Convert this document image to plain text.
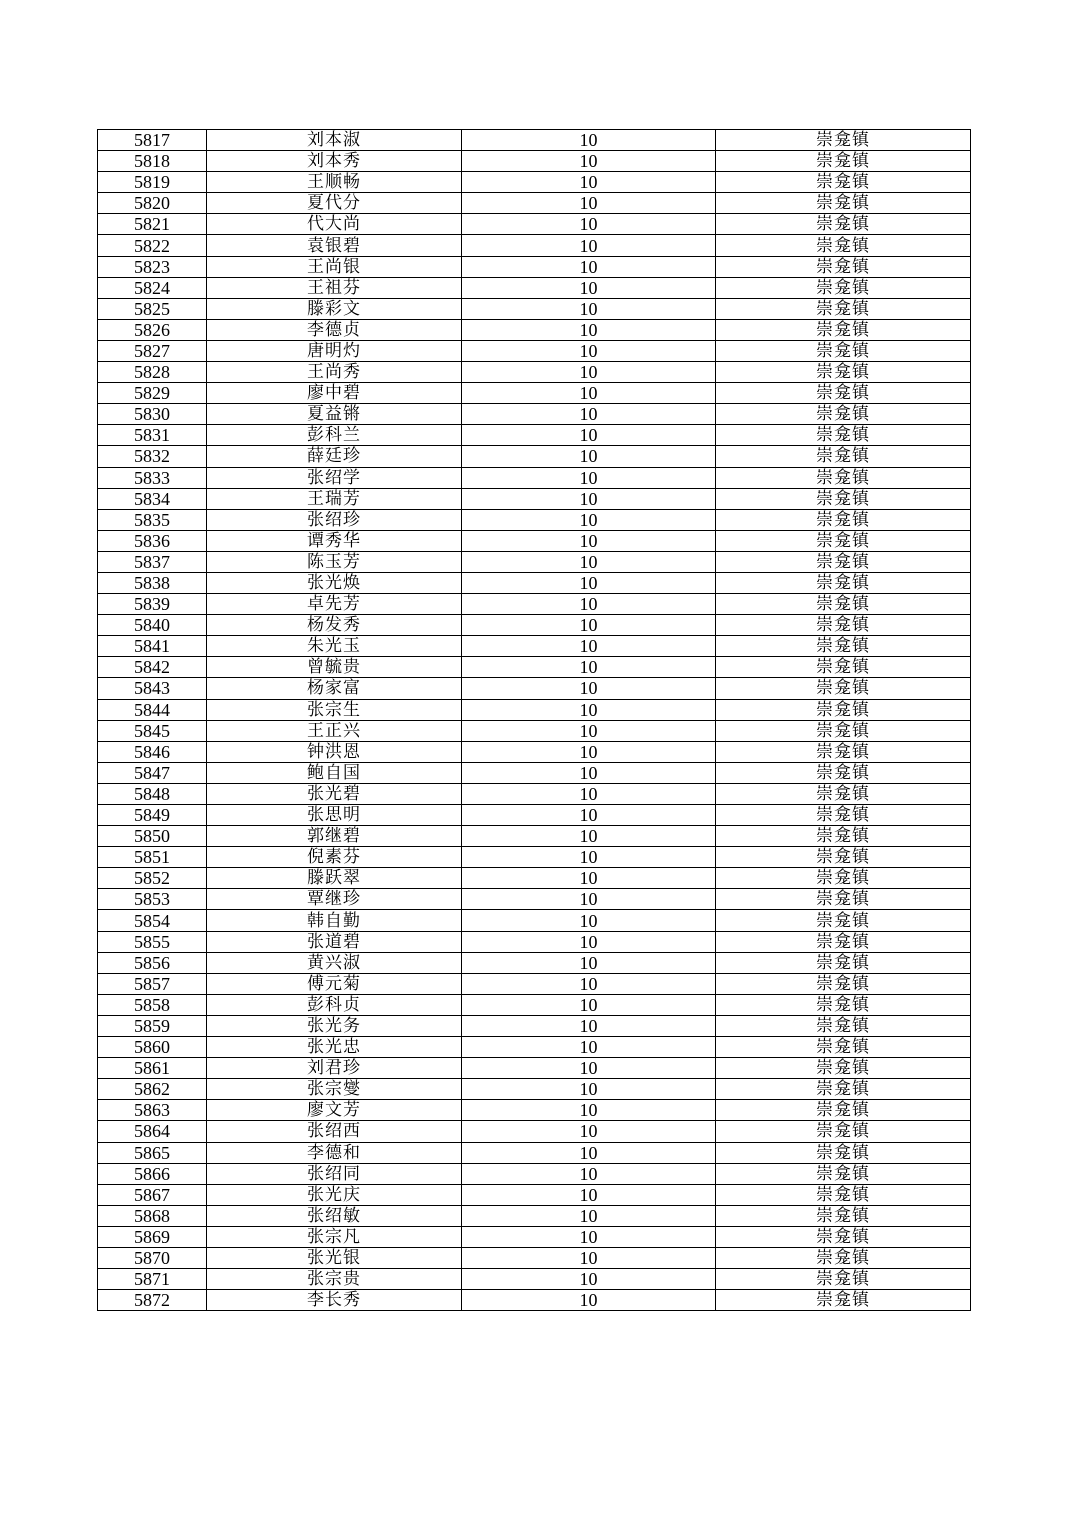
5817	刘本淑	10	崇龛镇
5818	刘本秀	10	崇龛镇
5819	王顺畅	10	崇龛镇
5820	夏代分	10	崇龛镇
5821	代大尚	10	崇龛镇
5822	袁银碧	10	崇龛镇
5823	王尚银	10	崇龛镇
5824	王祖芬	10	崇龛镇
5825	滕彩文	10	崇龛镇
5826	李德贞	10	崇龛镇
5827	唐明灼	10	崇龛镇
5828	王尚秀	10	崇龛镇
5829	廖中碧	10	崇龛镇
5830	夏益锵	10	崇龛镇
5831	彭科兰	10	崇龛镇
5832	薛廷珍	10	崇龛镇
5833	张绍学	10	崇龛镇
5834	王瑞芳	10	崇龛镇
5835	张绍珍	10	崇龛镇
5836	谭秀华	10	崇龛镇
5837	陈玉芳	10	崇龛镇
5838	张光焕	10	崇龛镇
5839	卓先芳	10	崇龛镇
5840	杨发秀	10	崇龛镇
5841	朱光玉	10	崇龛镇
5842	曾毓贵	10	崇龛镇
5843	杨家富	10	崇龛镇
5844	张宗生	10	崇龛镇
5845	王正兴	10	崇龛镇
5846	钟洪恩	10	崇龛镇
5847	鲍自国	10	崇龛镇
5848	张光碧	10	崇龛镇
5849	张思明	10	崇龛镇
5850	郭继碧	10	崇龛镇
5851	倪素芬	10	崇龛镇
5852	滕跃翠	10	崇龛镇
5853	覃继珍	10	崇龛镇
5854	韩自勤	10	崇龛镇
5855	张道碧	10	崇龛镇
5856	黄兴淑	10	崇龛镇
5857	傅元菊	10	崇龛镇
5858	彭科贞	10	崇龛镇
5859	张光务	10	崇龛镇
5860	张光忠	10	崇龛镇
5861	刘君珍	10	崇龛镇
5862	张宗燮	10	崇龛镇
5863	廖文芳	10	崇龛镇
5864	张绍西	10	崇龛镇
5865	李德和	10	崇龛镇
5866	张绍同	10	崇龛镇
5867	张光庆	10	崇龛镇
5868	张绍敏	10	崇龛镇
5869	张宗凡	10	崇龛镇
5870	张光银	10	崇龛镇
5871	张宗贵	10	崇龛镇
5872	李长秀	10	崇龛镇
